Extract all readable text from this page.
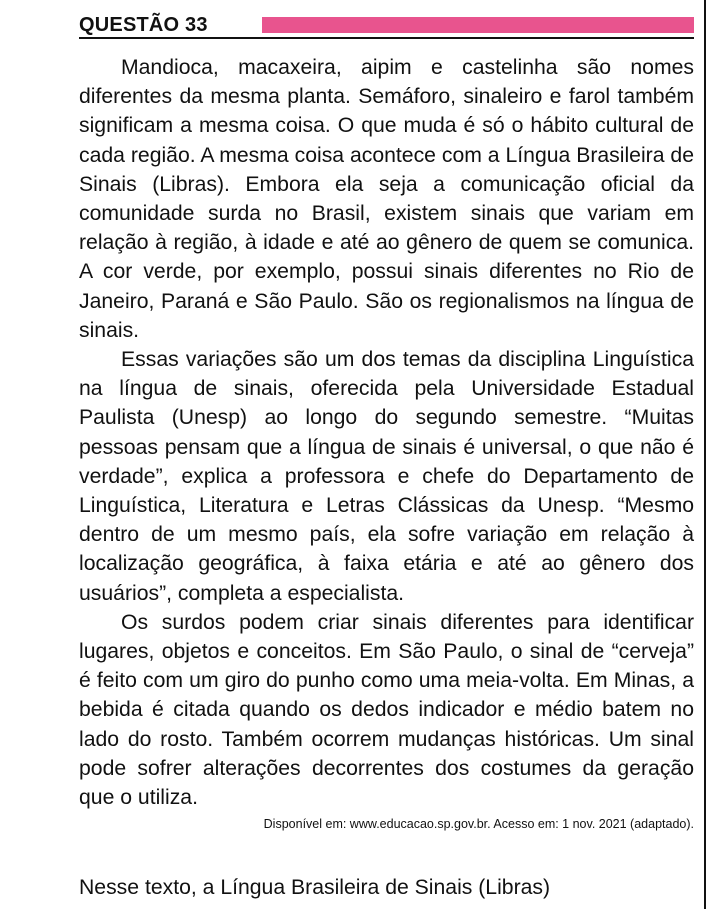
QUESTÃO 33

Mandioca, macaxeira, aipim e castelinha são nomes diferentes da mesma planta. Semáforo, sinaleiro e farol também significam a mesma coisa. O que muda é só o hábito cultural de cada região. A mesma coisa acontece com a Língua Brasileira de Sinais (Libras). Embora ela seja a comunicação oficial da comunidade surda no Brasil, existem sinais que variam em relação à região, à idade e até ao gênero de quem se comunica. A cor verde, por exemplo, possui sinais diferentes no Rio de Janeiro, Paraná e São Paulo. São os regionalismos na língua de sinais.

Essas variações são um dos temas da disciplina Linguística na língua de sinais, oferecida pela Universidade Estadual Paulista (Unesp) ao longo do segundo semestre. “Muitas pessoas pensam que a língua de sinais é universal, o que não é verdade”, explica a professora e chefe do Departamento de Linguística, Literatura e Letras Clássicas da Unesp. “Mesmo dentro de um mesmo país, ela sofre variação em relação à localização geográfica, à faixa etária e até ao gênero dos usuários”, completa a especialista.

Os surdos podem criar sinais diferentes para identificar lugares, objetos e conceitos. Em São Paulo, o sinal de “cerveja” é feito com um giro do punho como uma meia-volta. Em Minas, a bebida é citada quando os dedos indicador e médio batem no lado do rosto. Também ocorrem mudanças históricas. Um sinal pode sofrer alterações decorrentes dos costumes da geração que o utiliza.

Disponível em: www.educacao.sp.gov.br. Acesso em: 1 nov. 2021 (adaptado).

Nesse texto, a Língua Brasileira de Sinais (Libras)
